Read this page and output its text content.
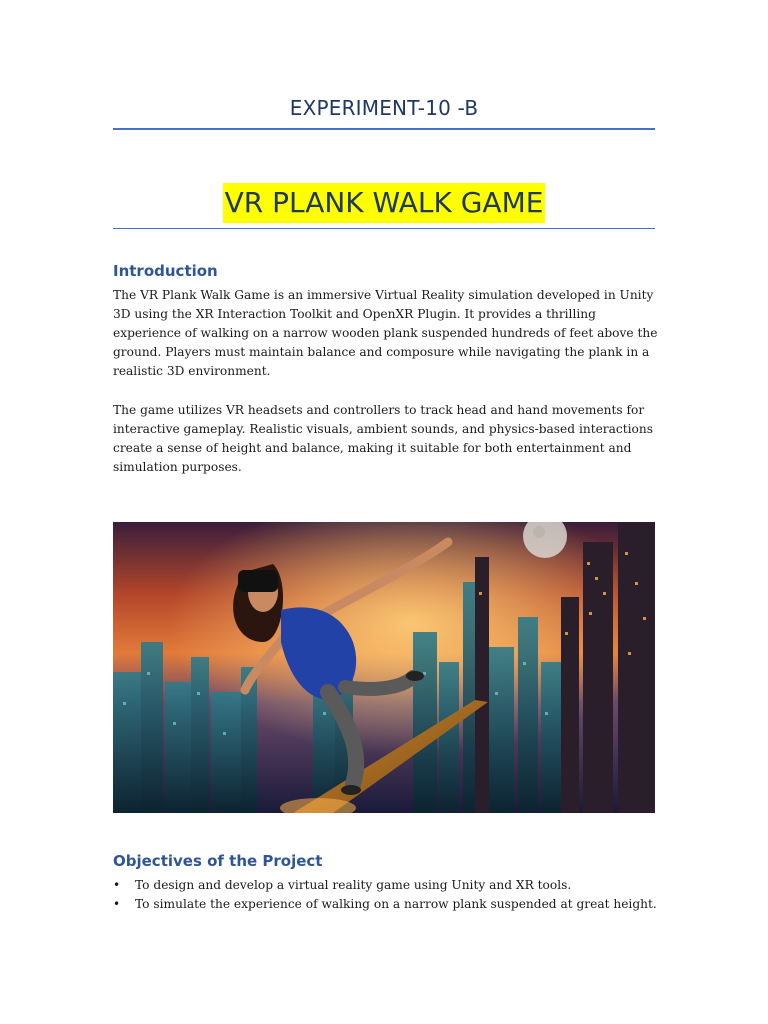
EXPERIMENT-10 -B
VR PLANK WALK GAME
Introduction

The VR Plank Walk Game is an immersive Virtual Reality simulation developed in Unity 3D using the XR Interaction Toolkit and OpenXR Plugin. It provides a thrilling experience of walking on a narrow wooden plank suspended hundreds of feet above the ground. Players must maintain balance and composure while navigating the plank in a realistic 3D environment.

The game utilizes VR headsets and controllers to track head and hand movements for interactive gameplay. Realistic visuals, ambient sounds, and physics-based interactions create a sense of height and balance, making it suitable for both entertainment and simulation purposes.

Objectives of the Project
• To design and develop a virtual reality game using Unity and XR tools.
• To simulate the experience of walking on a narrow plank suspended at great height.
